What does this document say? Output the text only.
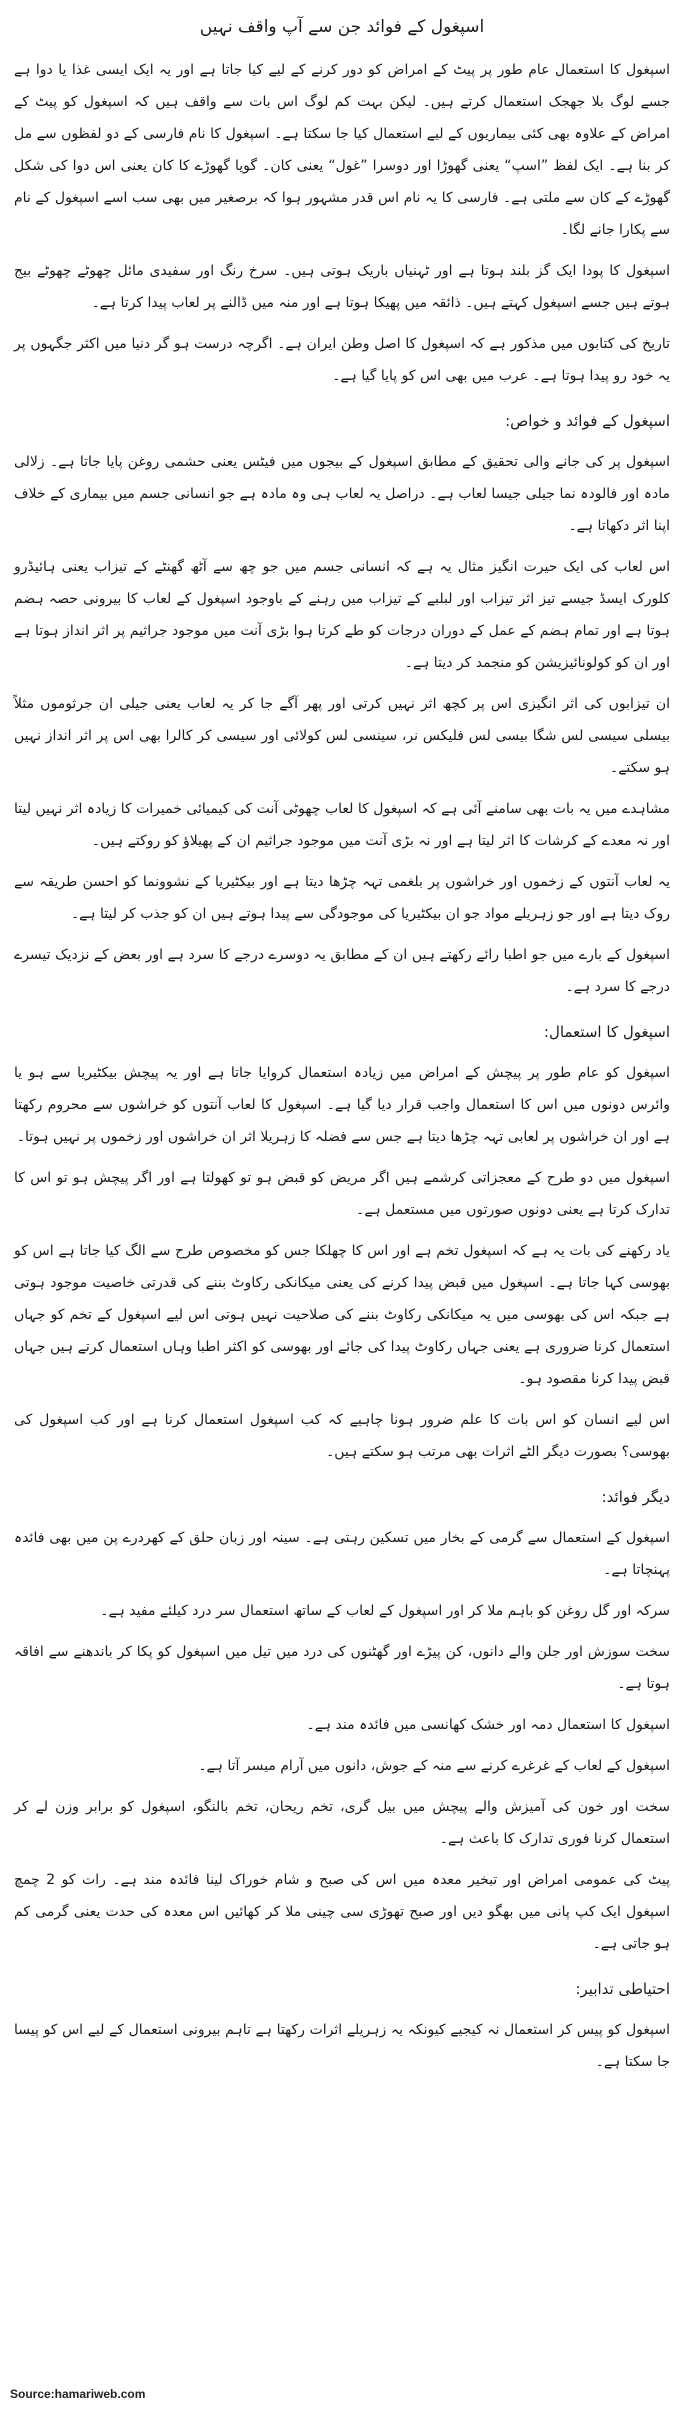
اسپغول کے فوائد جن سے آپ واقف نہیں

اسپغول کا استعمال عام طور پر پیٹ کے امراض کو دور کرنے کے لیے کیا جاتا ہے اور یہ ایک ایسی غذا یا دوا ہے جسے لوگ بلا جھجک استعمال کرتے ہیں۔ لیکن بہت کم لوگ اس بات سے واقف ہیں کہ اسپغول کو پیٹ کے امراض کے علاوہ بھی کئی بیماریوں کے لیے استعمال کیا جا سکتا ہے۔ اسپغول کا نام فارسی کے دو لفظوں سے مل کر بنا ہے۔ ایک لفظ ”اسپ“ یعنی گھوڑا اور دوسرا ”غول“ یعنی کان۔ گویا گھوڑے کا کان یعنی اس دوا کی شکل گھوڑے کے کان سے ملتی ہے۔ فارسی کا یہ نام اس قدر مشہور ہوا کہ برصغیر میں بھی سب اسے اسپغول کے نام سے پکارا جانے لگا۔

اسپغول کا پودا ایک گز بلند ہوتا ہے اور ٹہنیاں باریک ہوتی ہیں۔ سرخ رنگ اور سفیدی مائل چھوٹے چھوٹے بیج ہوتے ہیں جسے اسپغول کہتے ہیں۔ ذائقہ میں پھیکا ہوتا ہے اور منہ میں ڈالنے پر لعاب پیدا کرتا ہے۔

تاریخ کی کتابوں میں مذکور ہے کہ اسپغول کا اصل وطن ایران ہے۔ اگرچہ درست ہو گر دنیا میں اکثر جگہوں پر یہ خود رو پیدا ہوتا ہے۔ عرب میں بھی اس کو پایا گیا ہے۔

اسپغول کے فوائد و خواص:

اسپغول پر کی جانے والی تحقیق کے مطابق اسپغول کے بیجوں میں فیٹس یعنی حشمی روغن پایا جاتا ہے۔ زلالی مادہ اور فالودہ نما جیلی جیسا لعاب ہے۔ دراصل یہ لعاب ہی وہ مادہ ہے جو انسانی جسم میں بیماری کے خلاف اپنا اثر دکھاتا ہے۔

اس لعاب کی ایک حیرت انگیز مثال یہ ہے کہ انسانی جسم میں جو چھ سے آٹھ گھنٹے کے تیزاب یعنی ہائیڈرو کلورک ایسڈ جیسے تیز اثر تیزاب اور لبلبے کے تیزاب میں رہنے کے باوجود اسپغول کے لعاب کا بیرونی حصہ ہضم ہوتا ہے اور تمام ہضم کے عمل کے دوران درجات کو طے کرتا ہوا بڑی آنت میں موجود جراثیم پر اثر انداز ہوتا ہے اور ان کو کولونائیزیشن کو منجمد کر دیتا ہے۔

ان تیزابوں کی اثر انگیزی اس پر کچھ اثر نہیں کرتی اور پھر آگے جا کر یہ لعاب یعنی جیلی ان جرثوموں مثلاً بیسلی سیسی لس شگا بیسی لس فلیکس نر، سینسی لس کولائی اور سیسی کر کالرا بھی اس پر اثر انداز نہیں ہو سکتے۔

مشاہدے میں یہ بات بھی سامنے آئی ہے کہ اسپغول کا لعاب چھوٹی آنت کی کیمیائی خمیرات کا زیادہ اثر نہیں لیتا اور نہ معدے کے کرشات کا اثر لیتا ہے اور نہ بڑی آنت میں موجود جراثیم ان کے پھیلاؤ کو روکتے ہیں۔

یہ لعاب آنتوں کے زخموں اور خراشوں پر بلغمی تہہ چڑھا دیتا ہے اور بیکٹیریا کے نشوونما کو احسن طریقہ سے روک دیتا ہے اور جو زہریلے مواد جو ان بیکٹیریا کی موجودگی سے پیدا ہوتے ہیں ان کو جذب کر لیتا ہے۔

اسپغول کے بارے میں جو اطبا رائے رکھتے ہیں ان کے مطابق یہ دوسرے درجے کا سرد ہے اور بعض کے نزدیک تیسرے درجے کا سرد ہے۔

اسپغول کا استعمال:

اسپغول کو عام طور پر پیچش کے امراض میں زیادہ استعمال کروایا جاتا ہے اور یہ پیچش بیکٹیریا سے ہو یا وائرس دونوں میں اس کا استعمال واجب قرار دیا گیا ہے۔ اسپغول کا لعاب آنتوں کو خراشوں سے محروم رکھتا ہے اور ان خراشوں پر لعابی تہہ چڑھا دیتا ہے جس سے فضلہ کا زہریلا اثر ان خراشوں اور زخموں پر نہیں ہوتا۔

اسپغول میں دو طرح کے معجزاتی کرشمے ہیں اگر مریض کو قبض ہو تو کھولتا ہے اور اگر پیچش ہو تو اس کا تدارک کرتا ہے یعنی دونوں صورتوں میں مستعمل ہے۔

یاد رکھنے کی بات یہ ہے کہ اسپغول تخم ہے اور اس کا چھلکا جس کو مخصوص طرح سے الگ کیا جاتا ہے اس کو بھوسی کہا جاتا ہے۔ اسپغول میں قبض پیدا کرنے کی یعنی میکانکی رکاوٹ بننے کی قدرتی خاصیت موجود ہوتی ہے جبکہ اس کی بھوسی میں یہ میکانکی رکاوٹ بننے کی صلاحیت نہیں ہوتی اس لیے اسپغول کے تخم کو جہاں استعمال کرنا ضروری ہے یعنی جہاں رکاوٹ پیدا کی جائے اور بھوسی کو اکثر اطبا وہاں استعمال کرتے ہیں جہاں قبض پیدا کرنا مقصود ہو۔

اس لیے انسان کو اس بات کا علم ضرور ہونا چاہیے کہ کب اسپغول استعمال کرنا ہے اور کب اسپغول کی بھوسی؟ بصورت دیگر الٹے اثرات بھی مرتب ہو سکتے ہیں۔

دیگر فوائد:

اسپغول کے استعمال سے گرمی کے بخار میں تسکین رہتی ہے۔ سینہ اور زبان حلق کے کھردرے پن میں بھی فائدہ پہنچاتا ہے۔

سرکہ اور گل روغن کو باہم ملا کر اور اسپغول کے لعاب کے ساتھ استعمال سر درد کیلئے مفید ہے۔

سخت سوزش اور جلن والے دانوں، کن پیڑے اور گھٹنوں کی درد میں تیل میں اسپغول کو پکا کر باندھنے سے افاقہ ہوتا ہے۔

اسپغول کا استعمال دمہ اور خشک کھانسی میں فائدہ مند ہے۔

اسپغول کے لعاب کے غرغرے کرنے سے منہ کے جوش، دانوں میں آرام میسر آتا ہے۔

سخت اور خون کی آمیزش والے پیچش میں بیل گری، تخم ریحان، تخم بالنگو، اسپغول کو برابر وزن لے کر استعمال کرنا فوری تدارک کا باعث ہے۔

پیٹ کی عمومی امراض اور تبخیر معدہ میں اس کی صبح و شام خوراک لینا فائدہ مند ہے۔ رات کو 2 چمچ اسپغول ایک کپ پانی میں بھگو دیں اور صبح تھوڑی سی چینی ملا کر کھائیں اس معدہ کی حدت یعنی گرمی کم ہو جاتی ہے۔

احتیاطی تدابیر:

اسپغول کو پیس کر استعمال نہ کیجیے کیونکہ یہ زہریلے اثرات رکھتا ہے تاہم بیرونی استعمال کے لیے اس کو پیسا جا سکتا ہے۔

Source:hamariweb.com
